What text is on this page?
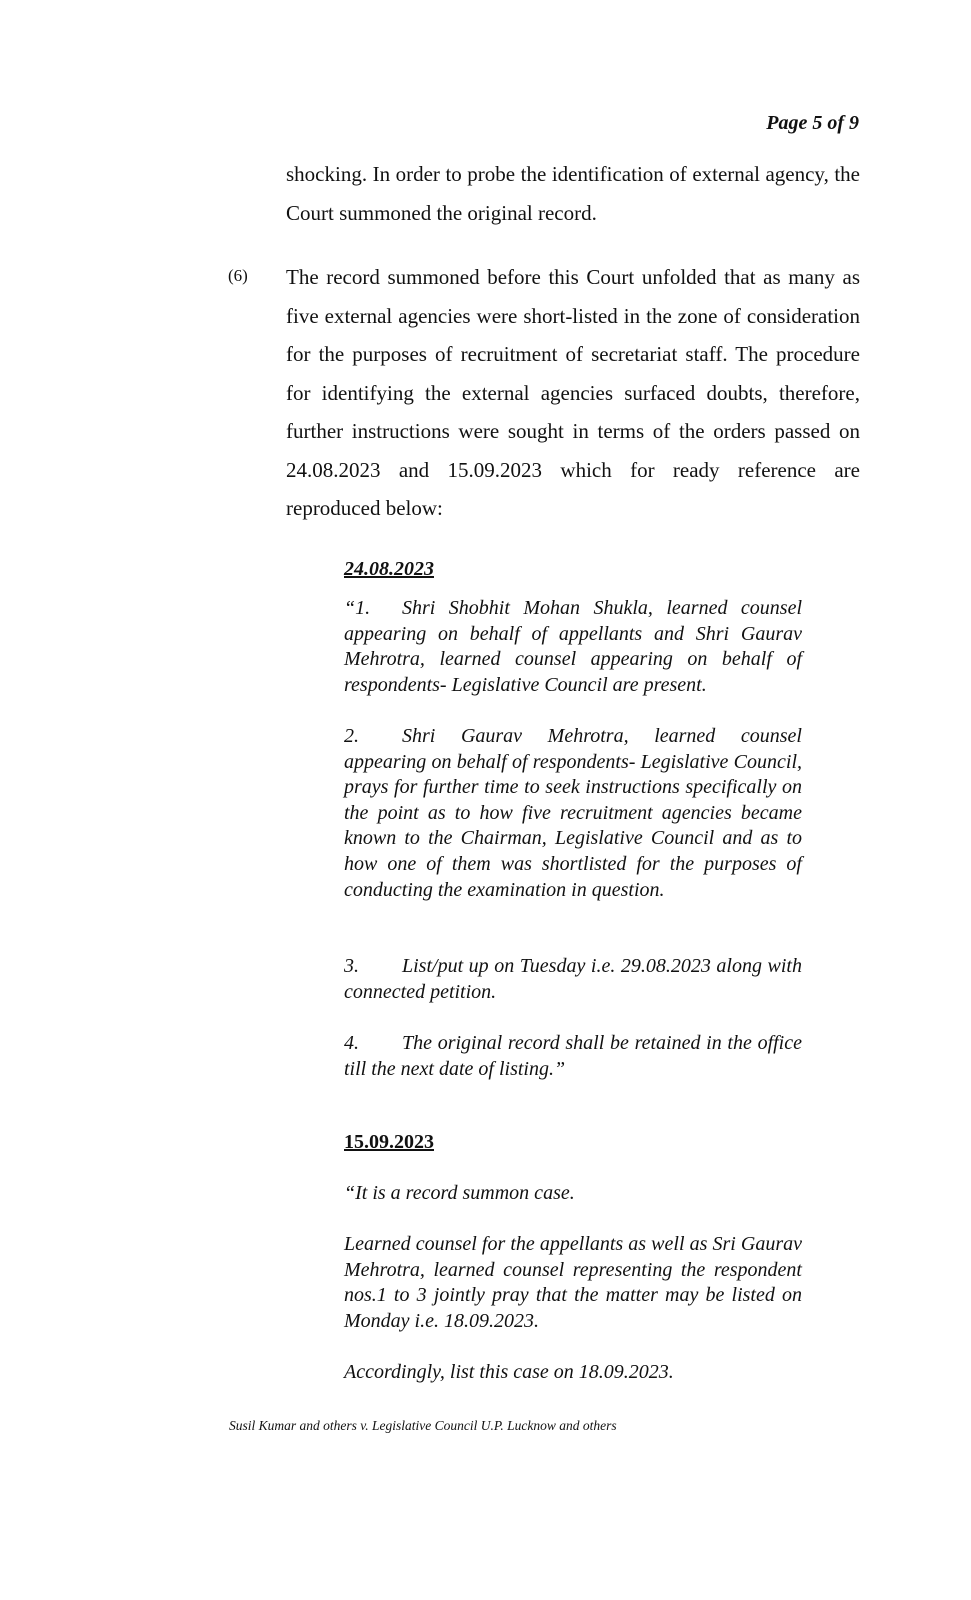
Page 5 of 9

shocking. In order to probe the identification of external agency, the Court summoned the original record.

(6) The record summoned before this Court unfolded that as many as five external agencies were short-listed in the zone of consideration for the purposes of recruitment of secretariat staff. The procedure for identifying the external agencies surfaced doubts, therefore, further instructions were sought in terms of the orders passed on 24.08.2023 and 15.09.2023 which for ready reference are reproduced below:

24.08.2023

“1. Shri Shobhit Mohan Shukla, learned counsel appearing on behalf of appellants and Shri Gaurav Mehrotra, learned counsel appearing on behalf of respondents- Legislative Council are present.

2. Shri Gaurav Mehrotra, learned counsel appearing on behalf of respondents- Legislative Council, prays for further time to seek instructions specifically on the point as to how five recruitment agencies became known to the Chairman, Legislative Council and as to how one of them was shortlisted for the purposes of conducting the examination in question.

3. List/put up on Tuesday i.e. 29.08.2023 along with connected petition.

4. The original record shall be retained in the office till the next date of listing.”

15.09.2023

“It is a record summon case.

Learned counsel for the appellants as well as Sri Gaurav Mehrotra, learned counsel representing the respondent nos.1 to 3 jointly pray that the matter may be listed on Monday i.e. 18.09.2023.

Accordingly, list this case on 18.09.2023.

Susil Kumar and others v. Legislative Council U.P. Lucknow and others
